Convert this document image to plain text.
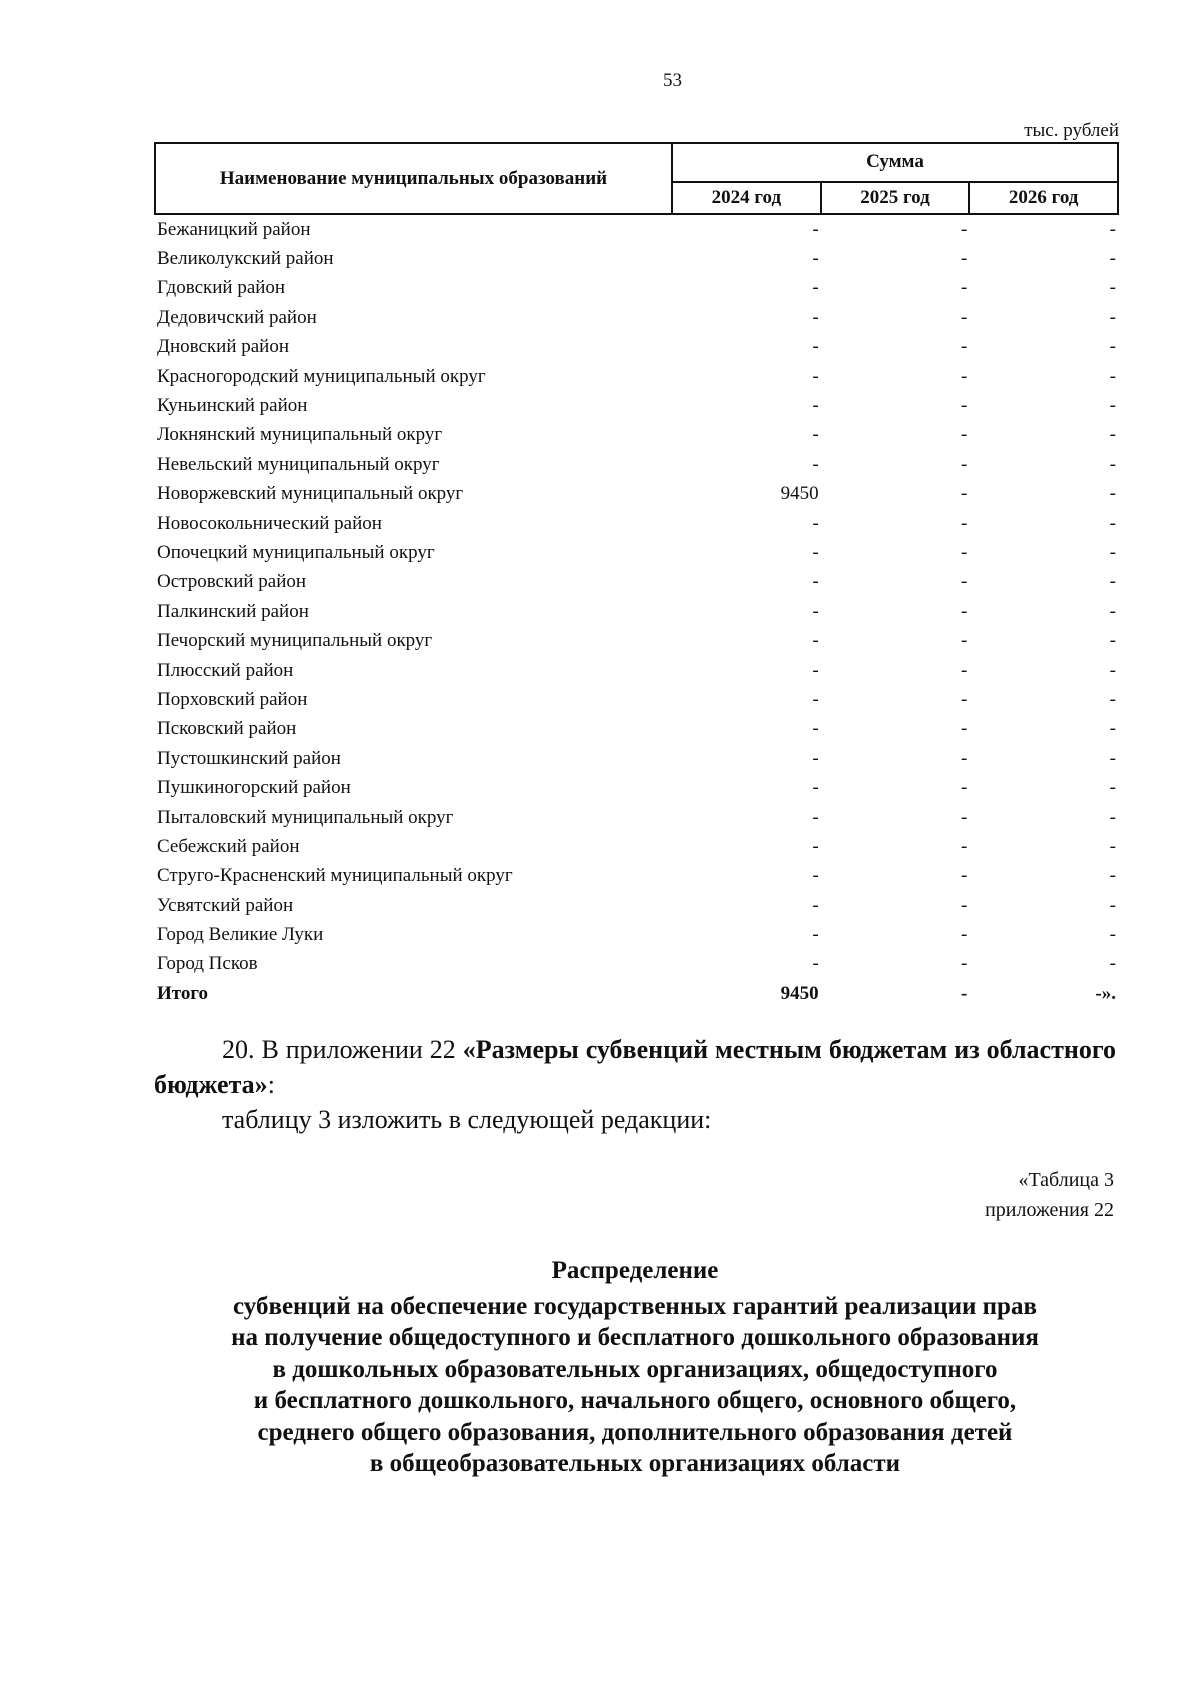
53
тыс. рублей
Наименование муниципальных образований	Сумма		
	2024 год	2025 год	2026 год
Бежаницкий район	-	-	-
Великолукский район	-	-	-
Гдовский район	-	-	-
Дедовичский район	-	-	-
Дновский район	-	-	-
Красногородский муниципальный округ	-	-	-
Куньинский район	-	-	-
Локнянский муниципальный округ	-	-	-
Невельский муниципальный округ	-	-	-
Новоржевский муниципальный округ	9450	-	-
Новосокольнический район	-	-	-
Опочецкий муниципальный округ	-	-	-
Островский район	-	-	-
Палкинский район	-	-	-
Печорский муниципальный округ	-	-	-
Плюсский район	-	-	-
Порховский район	-	-	-
Псковский район	-	-	-
Пустошкинский район	-	-	-
Пушкиногорский район	-	-	-
Пыталовский муниципальный округ	-	-	-
Себежский район	-	-	-
Струго-Красненский муниципальный округ	-	-	-
Усвятский район	-	-	-
Город Великие Луки	-	-	-
Город Псков	-	-	-
Итого	9450	-	-».
20. В приложении 22 «Размеры субвенций местным бюджетам из областного бюджета»:
таблицу 3 изложить в следующей редакции:
«Таблица 3
приложения 22
Распределение
субвенций на обеспечение государственных гарантий реализации прав
на получение общедоступного и бесплатного дошкольного образования
в дошкольных образовательных организациях, общедоступного
и бесплатного дошкольного, начального общего, основного общего,
среднего общего образования, дополнительного образования детей
в общеобразовательных организациях области
